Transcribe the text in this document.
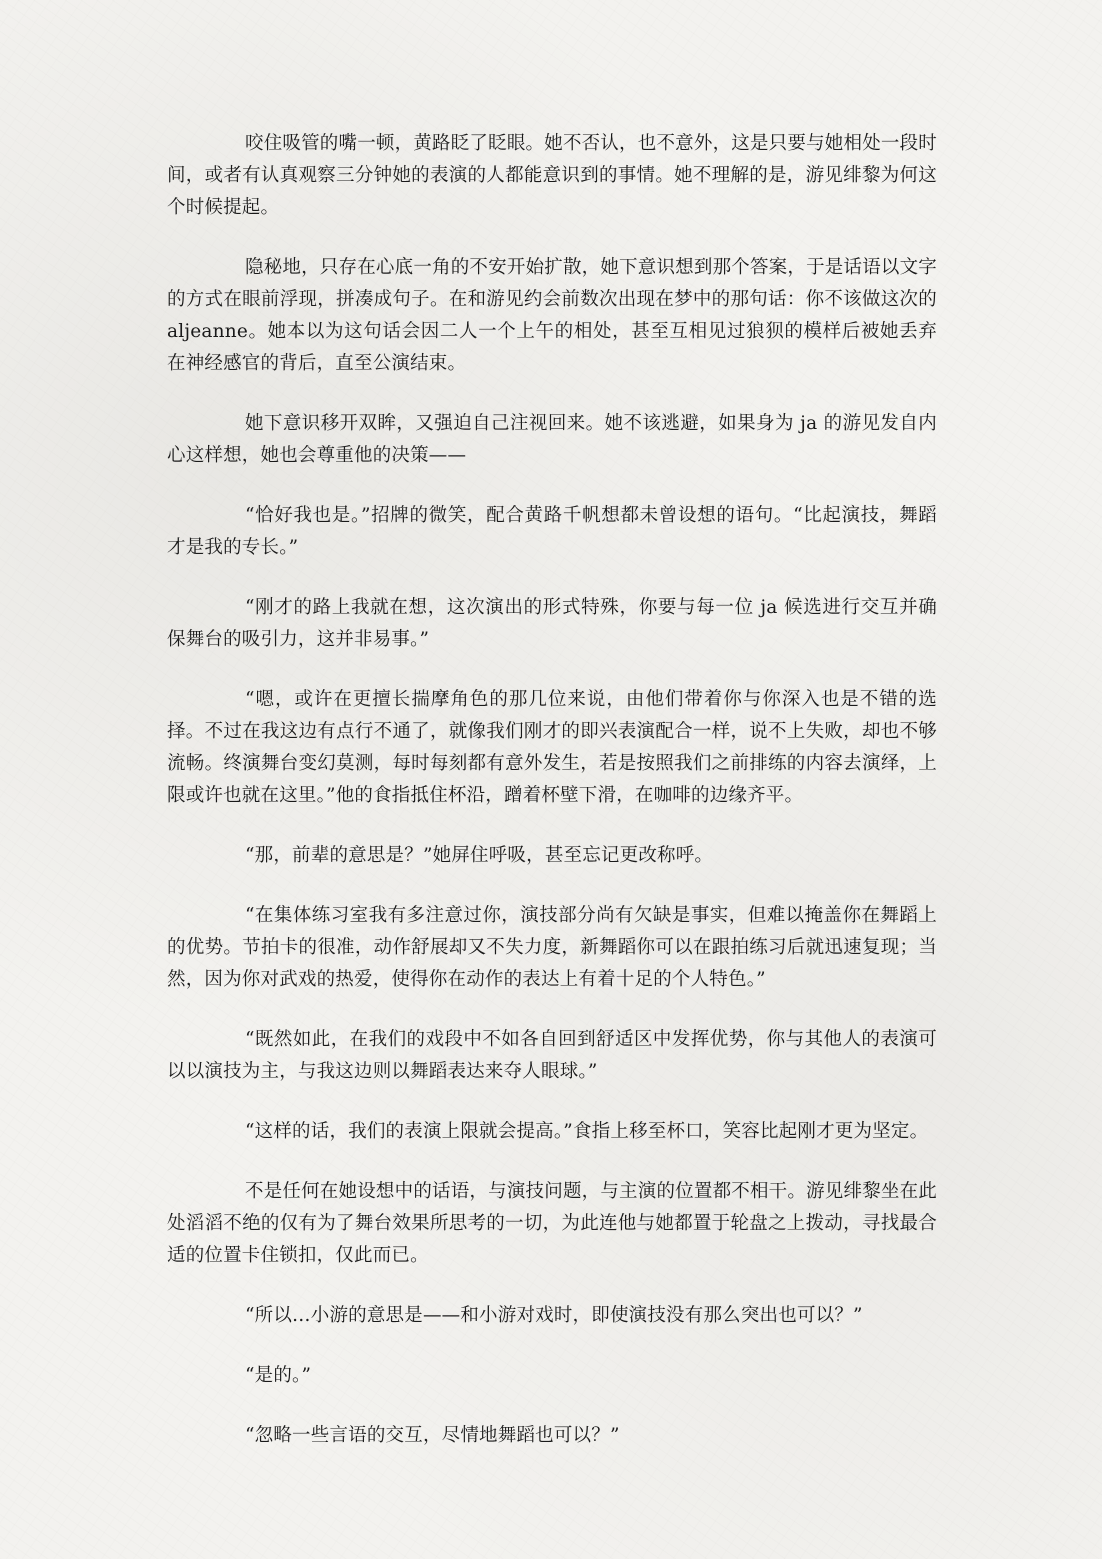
咬住吸管的嘴一顿，黄路眨了眨眼。她不否认，也不意外，这是只要与她相处一段时间，或者有认真观察三分钟她的表演的人都能意识到的事情。她不理解的是，游见绯黎为何这个时候提起。

隐秘地，只存在心底一角的不安开始扩散，她下意识想到那个答案，于是话语以文字的方式在眼前浮现，拼凑成句子。在和游见约会前数次出现在梦中的那句话：你不该做这次的 aljeanne。她本以为这句话会因二人一个上午的相处，甚至互相见过狼狈的模样后被她丢弃在神经感官的背后，直至公演结束。

她下意识移开双眸，又强迫自己注视回来。她不该逃避，如果身为 ja 的游见发自内心这样想，她也会尊重他的决策——

“恰好我也是。”招牌的微笑，配合黄路千帆想都未曾设想的语句。“比起演技，舞蹈才是我的专长。”

“刚才的路上我就在想，这次演出的形式特殊，你要与每一位 ja 候选进行交互并确保舞台的吸引力，这并非易事。”

“嗯，或许在更擅长揣摩角色的那几位来说，由他们带着你与你深入也是不错的选择。不过在我这边有点行不通了，就像我们刚才的即兴表演配合一样，说不上失败，却也不够流畅。终演舞台变幻莫测，每时每刻都有意外发生，若是按照我们之前排练的内容去演绎，上限或许也就在这里。”他的食指抵住杯沿，蹭着杯壁下滑，在咖啡的边缘齐平。

“那，前辈的意思是？”她屏住呼吸，甚至忘记更改称呼。

“在集体练习室我有多注意过你，演技部分尚有欠缺是事实，但难以掩盖你在舞蹈上的优势。节拍卡的很准，动作舒展却又不失力度，新舞蹈你可以在跟拍练习后就迅速复现；当然，因为你对武戏的热爱，使得你在动作的表达上有着十足的个人特色。”

“既然如此，在我们的戏段中不如各自回到舒适区中发挥优势，你与其他人的表演可以以演技为主，与我这边则以舞蹈表达来夺人眼球。”

“这样的话，我们的表演上限就会提高。”食指上移至杯口，笑容比起刚才更为坚定。

不是任何在她设想中的话语，与演技问题，与主演的位置都不相干。游见绯黎坐在此处滔滔不绝的仅有为了舞台效果所思考的一切，为此连他与她都置于轮盘之上拨动，寻找最合适的位置卡住锁扣，仅此而已。

“所以…小游的意思是——和小游对戏时，即使演技没有那么突出也可以？”

“是的。”

“忽略一些言语的交互，尽情地舞蹈也可以？”
